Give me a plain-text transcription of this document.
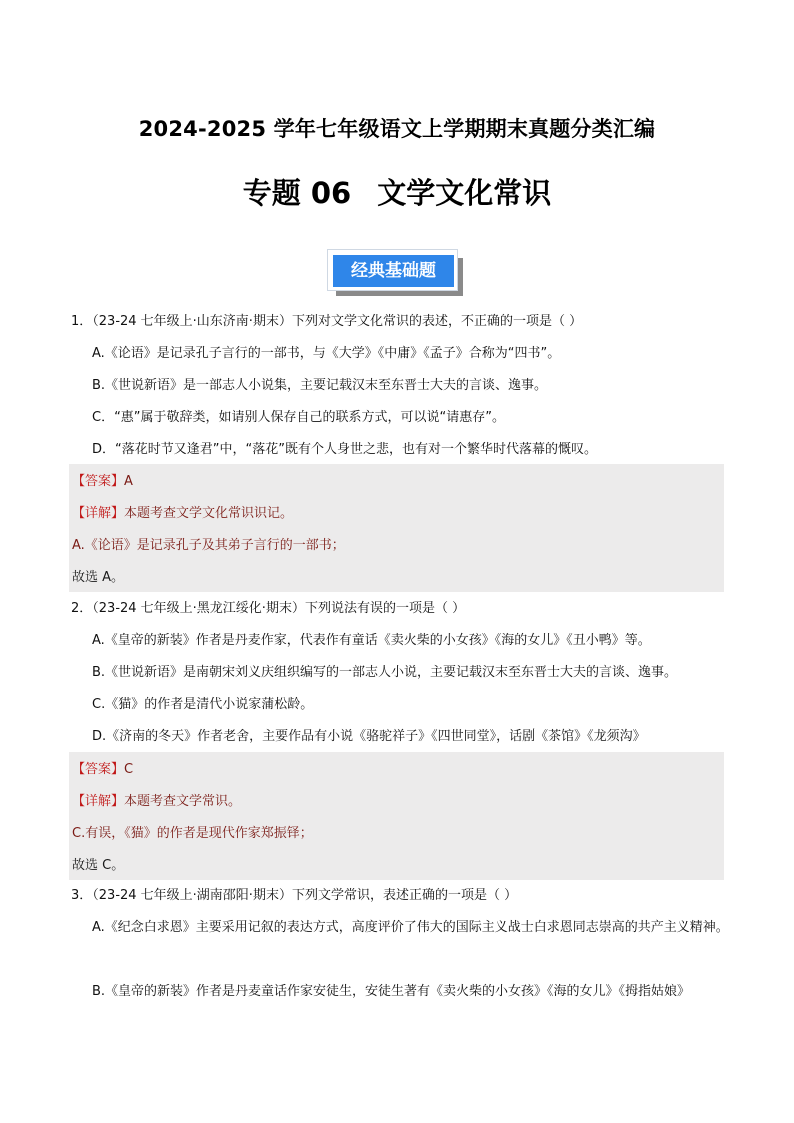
2024-2025 学年七年级语文上学期期末真题分类汇编
专题 06 文学文化常识
经典基础题
1．（23-24 七年级上·山东济南·期末）下列对文学文化常识的表述，不正确的一项是（ ）
A.《论语》是记录孔子言行的一部书，与《大学》《中庸》《孟子》合称为“四书”。
B.《世说新语》是一部志人小说集，主要记载汉末至东晋士大夫的言谈、逸事。
C．“惠”属于敬辞类，如请别人保存自己的联系方式，可以说“请惠存”。
D．“落花时节又逢君”中，“落花”既有个人身世之悲，也有对一个繁华时代落幕的慨叹。
【答案】A
【详解】本题考查文学文化常识识记。
A.《论语》是记录孔子及其弟子言行的一部书；
故选 A。
2．（23-24 七年级上·黑龙江绥化·期末）下列说法有误的一项是（ ）
A.《皇帝的新装》作者是丹麦作家，代表作有童话《卖火柴的小女孩》《海的女儿》《丑小鸭》等。
B.《世说新语》是南朝宋刘义庆组织编写的一部志人小说，主要记载汉末至东晋士大夫的言谈、逸事。
C.《猫》的作者是清代小说家蒲松龄。
D.《济南的冬天》作者老舍，主要作品有小说《骆驼祥子》《四世同堂》，话剧《茶馆》《龙须沟》
【答案】C
【详解】本题考查文学常识。
C.有误，《猫》的作者是现代作家郑振铎；
故选 C。
3．（23-24 七年级上·湖南邵阳·期末）下列文学常识，表述正确的一项是（ ）
A.《纪念白求恩》主要采用记叙的表达方式，高度评价了伟大的国际主义战士白求恩同志崇高的共产主义精神。
B.《皇帝的新装》作者是丹麦童话作家安徒生，安徒生著有《卖火柴的小女孩》《海的女儿》《拇指姑娘》
